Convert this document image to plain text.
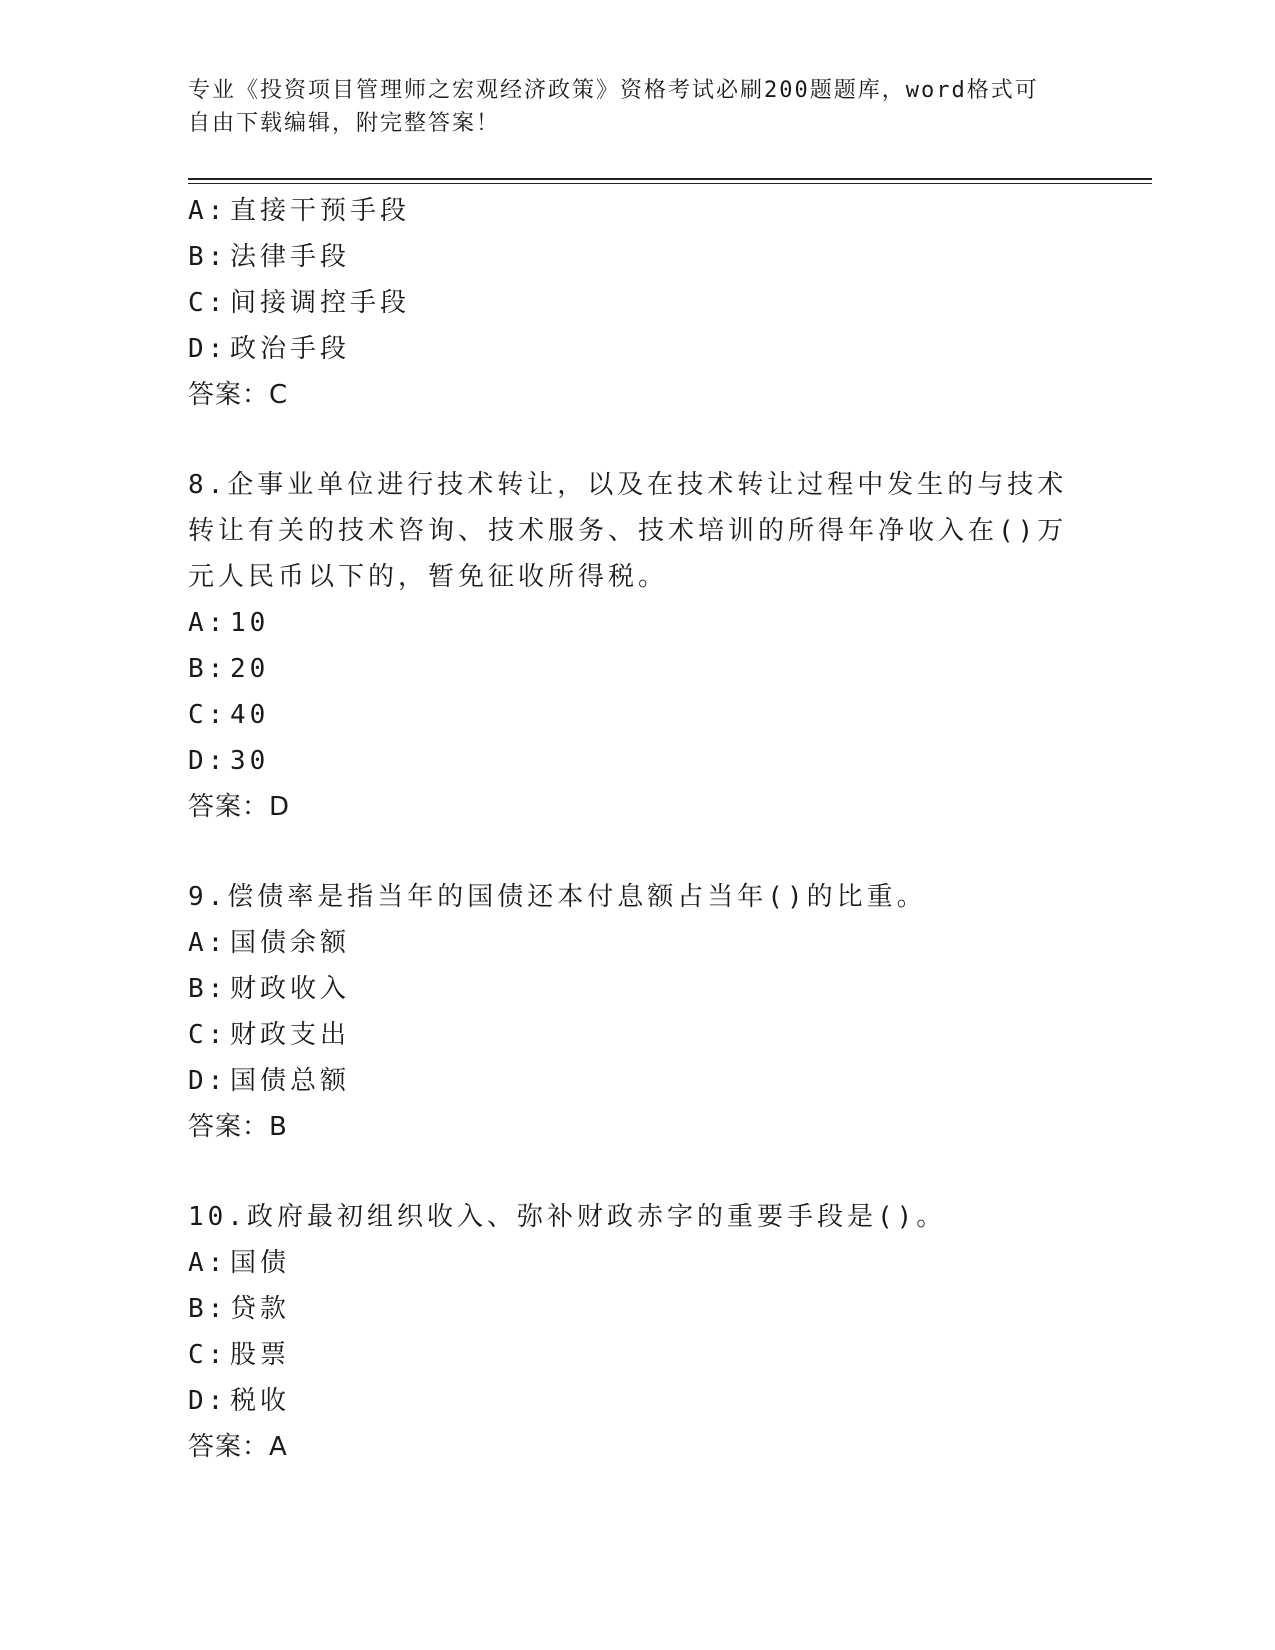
专业《投资项目管理师之宏观经济政策》资格考试必刷200题题库，word格式可
自由下载编辑，附完整答案！
A: 直接干预手段
B: 法律手段
C: 间接调控手段
D: 政治手段
答案：C
8.企事业单位进行技术转让，以及在技术转让过程中发生的与技术转让有关的技术咨询、技术服务、技术培训的所得年净收入在()万元人民币以下的，暂免征收所得税。
A: 10
B: 20
C: 40
D: 30
答案：D
9.偿债率是指当年的国债还本付息额占当年()的比重。
A: 国债余额
B: 财政收入
C: 财政支出
D: 国债总额
答案：B
10.政府最初组织收入、弥补财政赤字的重要手段是()。
A: 国债
B: 贷款
C: 股票
D: 税收
答案：A
